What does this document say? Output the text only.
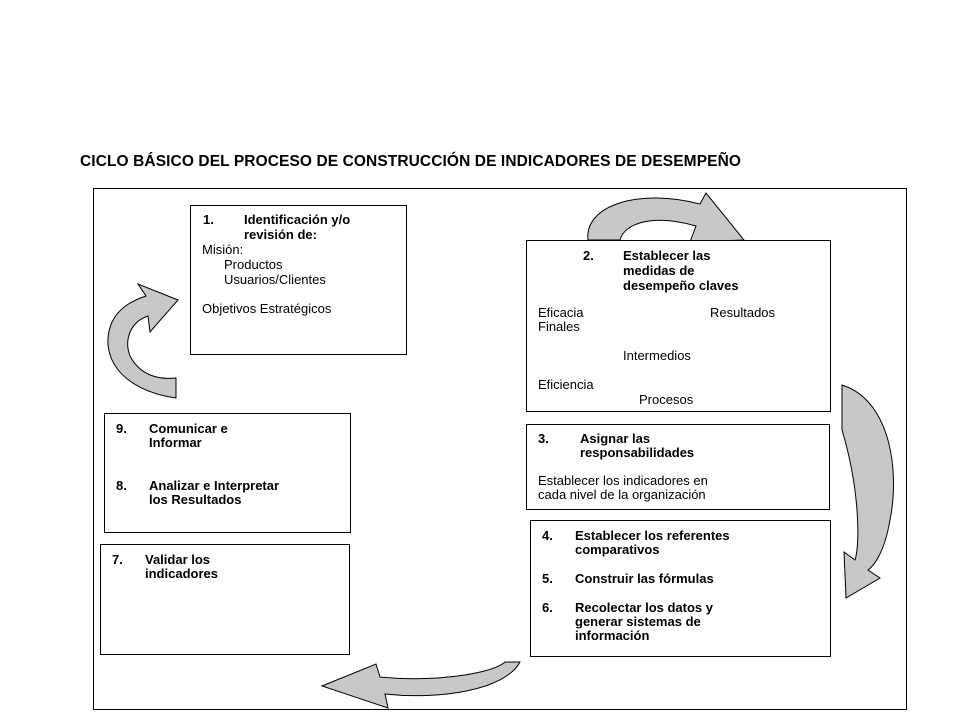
CICLO BÁSICO DEL PROCESO DE CONSTRUCCIÓN DE INDICADORES DE DESEMPEÑO
1. Identificación y/o
revisión de:
Misión:
Productos
Usuarios/Clientes
Objetivos Estratégicos
2. Establecer las
medidas de
desempeño claves
Eficacia	Resultados
Finales
Intermedios
Eficiencia
Procesos
3. Asignar las
responsabilidades
Establecer los indicadores en
cada nivel de la organización
4. Establecer los referentes
comparativos
5. Construir las fórmulas
6. Recolectar los datos y
generar sistemas de
información
9. Comunicar e
Informar
8. Analizar e Interpretar
los Resultados
7. Validar los
indicadores
